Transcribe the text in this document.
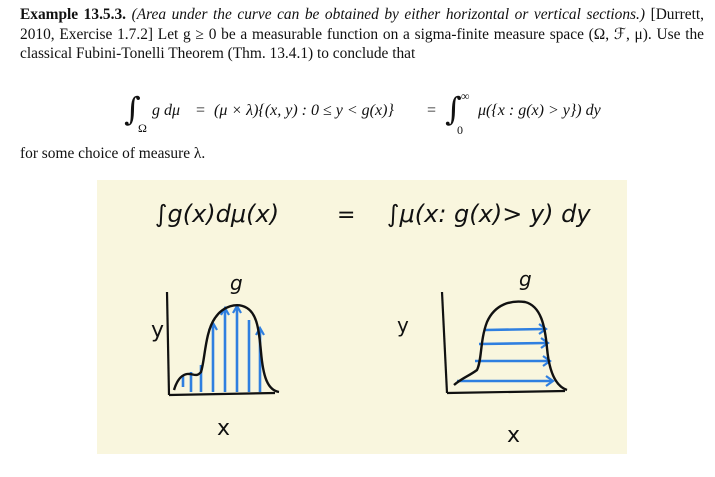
Example 13.5.3. (Area under the curve can be obtained by either horizontal or vertical sections.) [Durrett, 2010, Exercise 1.7.2] Let g ≥ 0 be a measurable function on a sigma-finite measure space (Ω, ℱ, μ). Use the classical Fubini-Tonelli Theorem (Thm. 13.4.1) to conclude that
∫
Ω
g dμ = (μ × λ){(x, y) : 0 ≤ y < g(x)} = ∫ ∞
0
μ({x : g(x) > y}) dy
for some choice of measure λ.
∫g(x)dμ(x)	= ∫μ(x: g(x)> y) dy
y
g
x
y
g
x
